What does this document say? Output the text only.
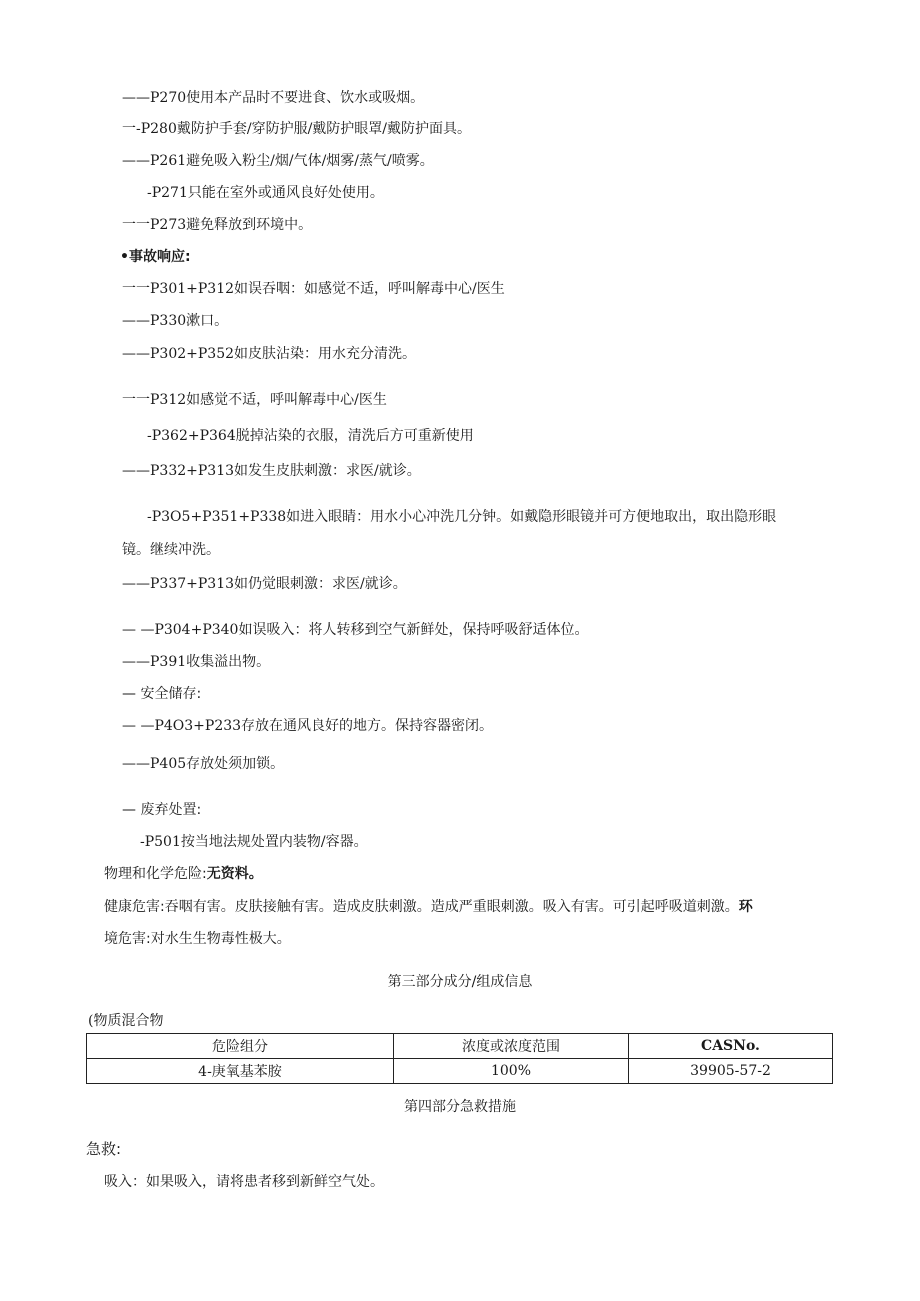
——P270使用本产品时不要进食、饮水或吸烟。
一-P280戴防护手套/穿防护服/戴防护眼罩/戴防护面具。
——P261避免吸入粉尘/烟/气体/烟雾/蒸气/喷雾。
-P271只能在室外或通风良好处使用。
一一P273避免释放到环境中。
•事故响应:
一一P301+P312如误吞咽：如感觉不适，呼叫解毒中心/医生
——P330漱口。
——P302+P352如皮肤沾染：用水充分清洗。
一一P312如感觉不适，呼叫解毒中心/医生
-P362+P364脱掉沾染的衣服，清洗后方可重新使用
——P332+P313如发生皮肤刺激：求医/就诊。
-P3O5+P351+P338如进入眼睛：用水小心冲洗几分钟。如戴隐形眼镜并可方便地取出，取出隐形眼
镜。继续冲洗。
——P337+P313如仍觉眼刺激：求医/就诊。
— —P304+P340如误吸入：将人转移到空气新鲜处，保持呼吸舒适体位。
——P391收集溢出物。
— 安全储存:
— —P4O3+P233存放在通风良好的地方。保持容器密闭。
——P405存放处须加锁。
— 废弃处置:
-P501按当地法规处置内装物/容器。
物理和化学危险:无资料。
健康危害:吞咽有害。皮肤接触有害。造成皮肤刺激。造成严重眼刺激。吸入有害。可引起呼吸道刺激。环
境危害:对水生生物毒性极大。
第三部分成分/组成信息
(物质混合物
危险组分	浓度或浓度范围	CASNo.
4-庚氧基苯胺	100%	39905-57-2
第四部分急救措施
急救:
吸入：如果吸入，请将患者移到新鲜空气处。
